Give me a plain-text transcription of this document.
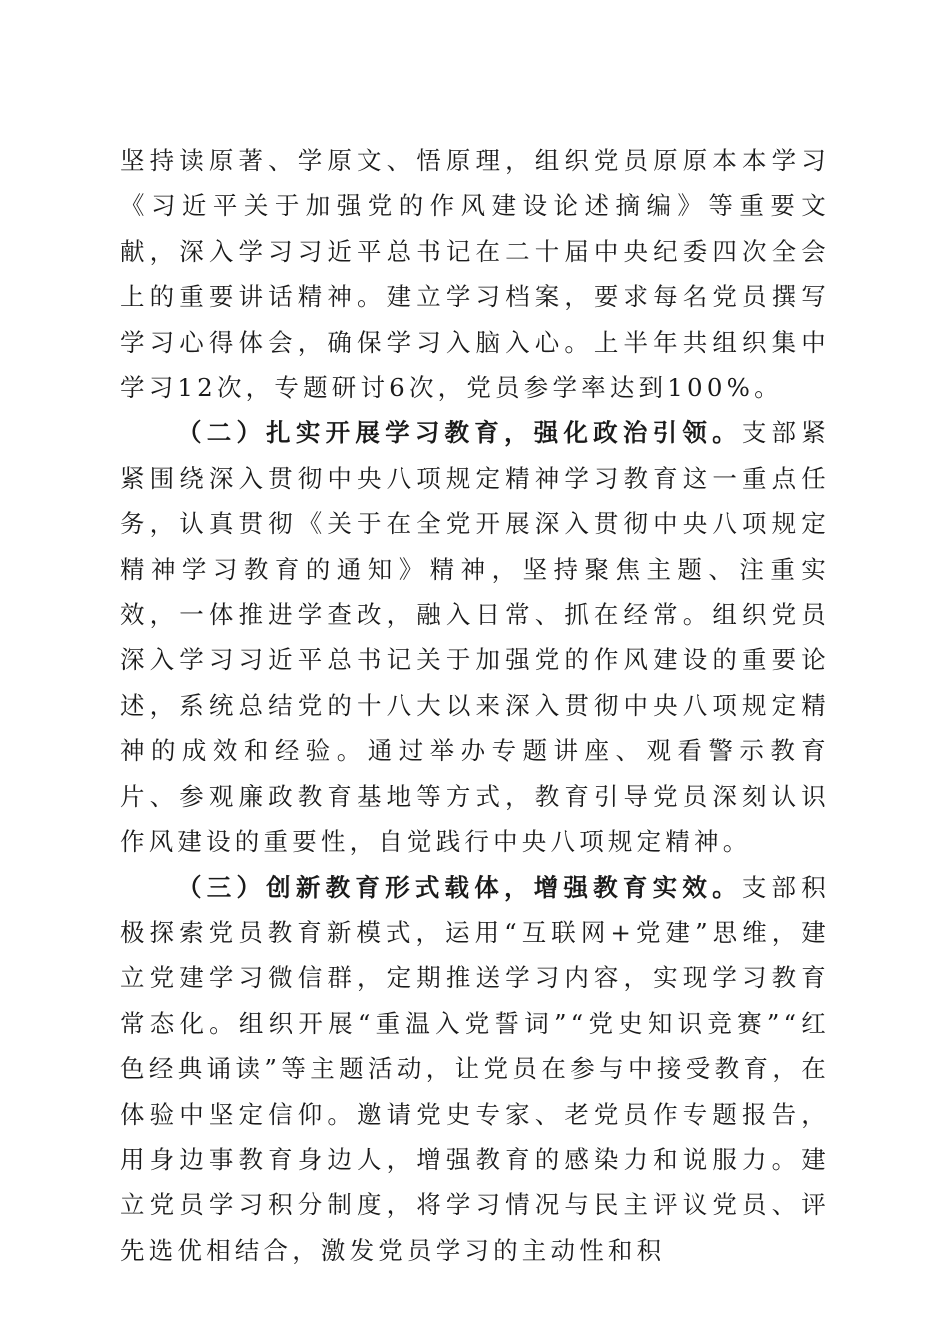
坚持读原著、学原文、悟原理，组织党员原原本本学习《习近平关于加强党的作风建设论述摘编》等重要文献，深入学习习近平总书记在二十届中央纪委四次全会上的重要讲话精神。建立学习档案，要求每名党员撰写学习心得体会，确保学习入脑入心。上半年共组织集中学习12次，专题研讨6次，党员参学率达到100%。

（二）扎实开展学习教育，强化政治引领。支部紧紧围绕深入贯彻中央八项规定精神学习教育这一重点任务，认真贯彻《关于在全党开展深入贯彻中央八项规定精神学习教育的通知》精神，坚持聚焦主题、注重实效，一体推进学查改，融入日常、抓在经常。组织党员深入学习习近平总书记关于加强党的作风建设的重要论述，系统总结党的十八大以来深入贯彻中央八项规定精神的成效和经验。通过举办专题讲座、观看警示教育片、参观廉政教育基地等方式，教育引导党员深刻认识作风建设的重要性，自觉践行中央八项规定精神。

（三）创新教育形式载体，增强教育实效。支部积极探索党员教育新模式，运用“互联网+党建”思维，建立党建学习微信群，定期推送学习内容，实现学习教育常态化。组织开展“重温入党誓词”“党史知识竞赛”“红色经典诵读”等主题活动，让党员在参与中接受教育，在体验中坚定信仰。邀请党史专家、老党员作专题报告，用身边事教育身边人，增强教育的感染力和说服力。建立党员学习积分制度，将学习情况与民主评议党员、评先选优相结合，激发党员学习的主动性和积
